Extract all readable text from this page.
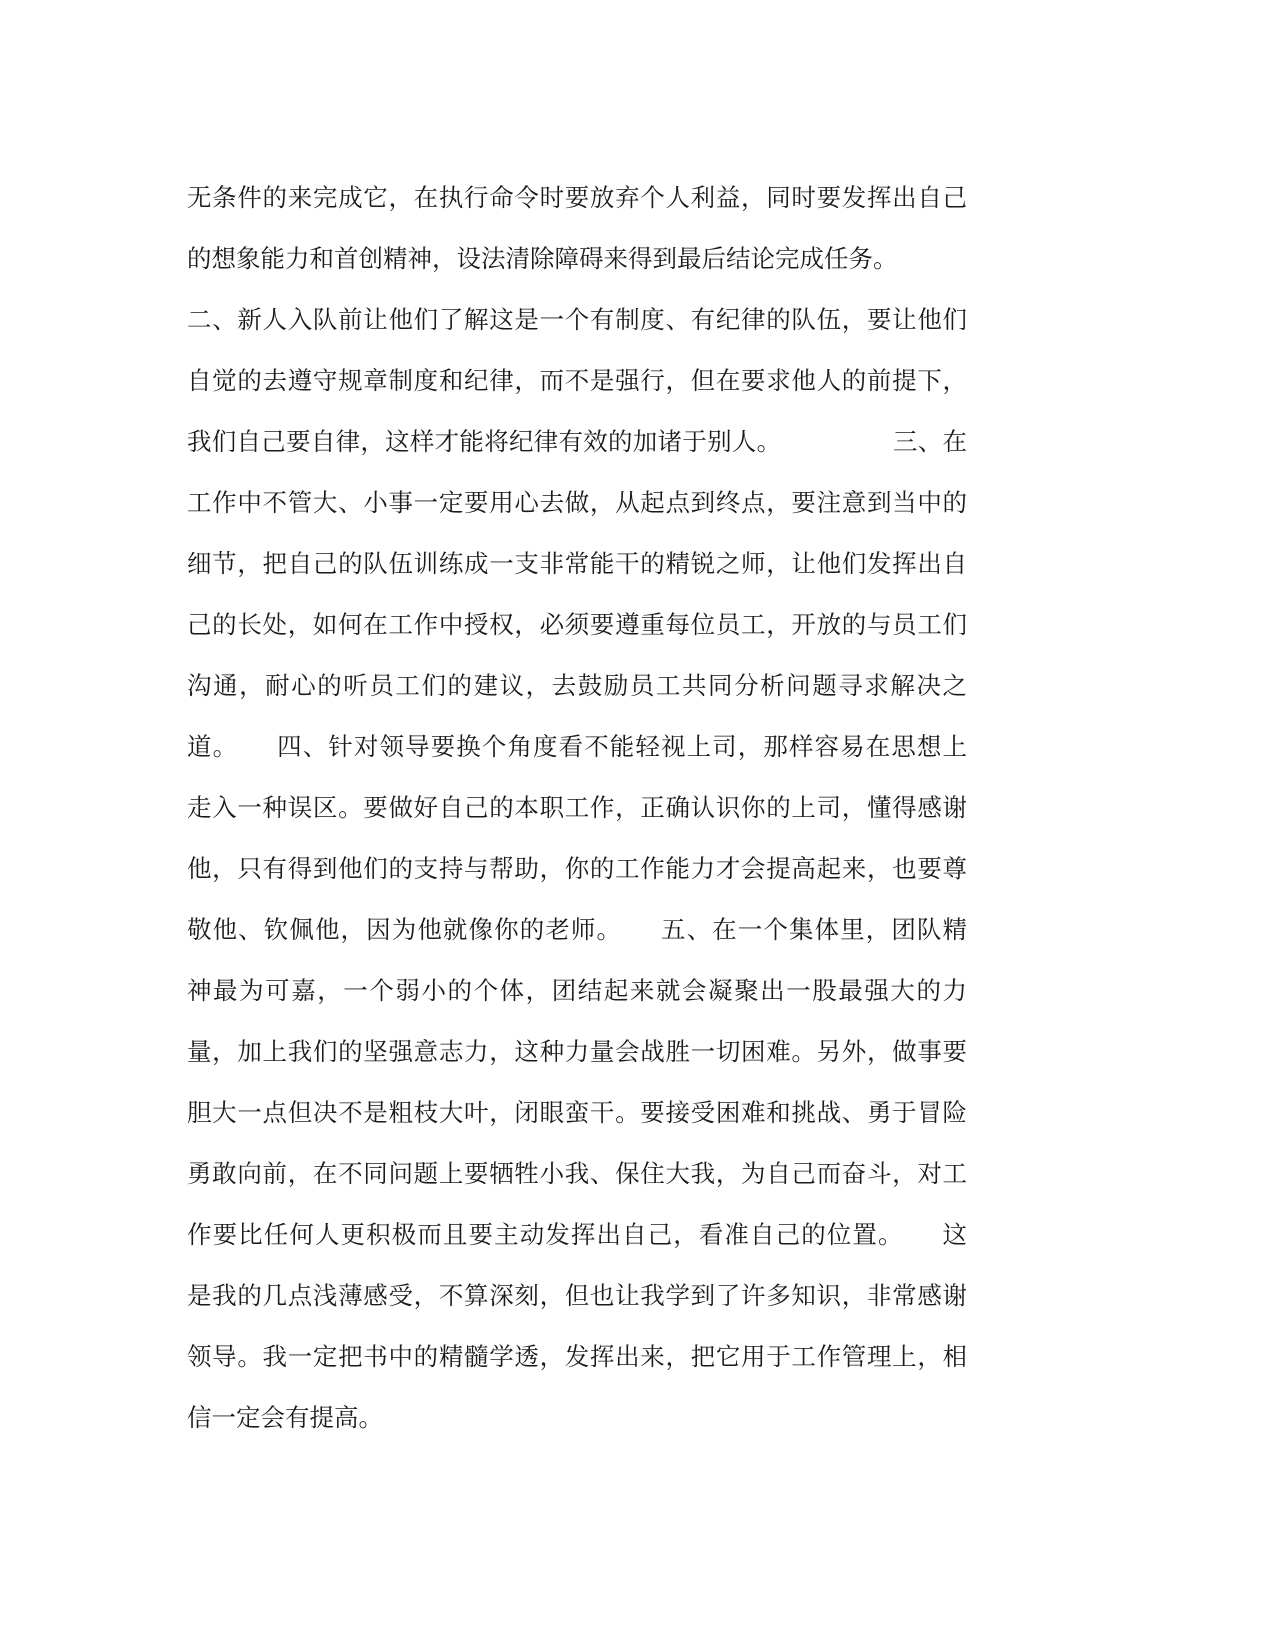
无条件的来完成它，在执行命令时要放弃个人利益，同时要发挥出自己
的想象能力和首创精神，设法清除障碍来得到最后结论完成任务。
二、新人入队前让他们了解这是一个有制度、有纪律的队伍，要让他们
自觉的去遵守规章制度和纪律，而不是强行，但在要求他人的前提下，
我们自己要自律，这样才能将纪律有效的加诸于别人。　　　　　三、在
工作中不管大、小事一定要用心去做，从起点到终点，要注意到当中的
细节，把自己的队伍训练成一支非常能干的精锐之师，让他们发挥出自
己的长处，如何在工作中授权，必须要遵重每位员工，开放的与员工们
沟通，耐心的听员工们的建议，去鼓励员工共同分析问题寻求解决之
道。　　四、针对领导要换个角度看不能轻视上司，那样容易在思想上
走入一种误区。要做好自己的本职工作，正确认识你的上司，懂得感谢
他，只有得到他们的支持与帮助，你的工作能力才会提高起来，也要尊
敬他、钦佩他，因为他就像你的老师。　　五、在一个集体里，团队精
神最为可嘉，一个弱小的个体，团结起来就会凝聚出一股最强大的力
量，加上我们的坚强意志力，这种力量会战胜一切困难。另外，做事要
胆大一点但决不是粗枝大叶，闭眼蛮干。要接受困难和挑战、勇于冒险
勇敢向前，在不同问题上要牺牲小我、保住大我，为自己而奋斗，对工
作要比任何人更积极而且要主动发挥出自己，看准自己的位置。　　这
是我的几点浅薄感受，不算深刻，但也让我学到了许多知识，非常感谢
领导。我一定把书中的精髓学透，发挥出来，把它用于工作管理上，相
信一定会有提高。
